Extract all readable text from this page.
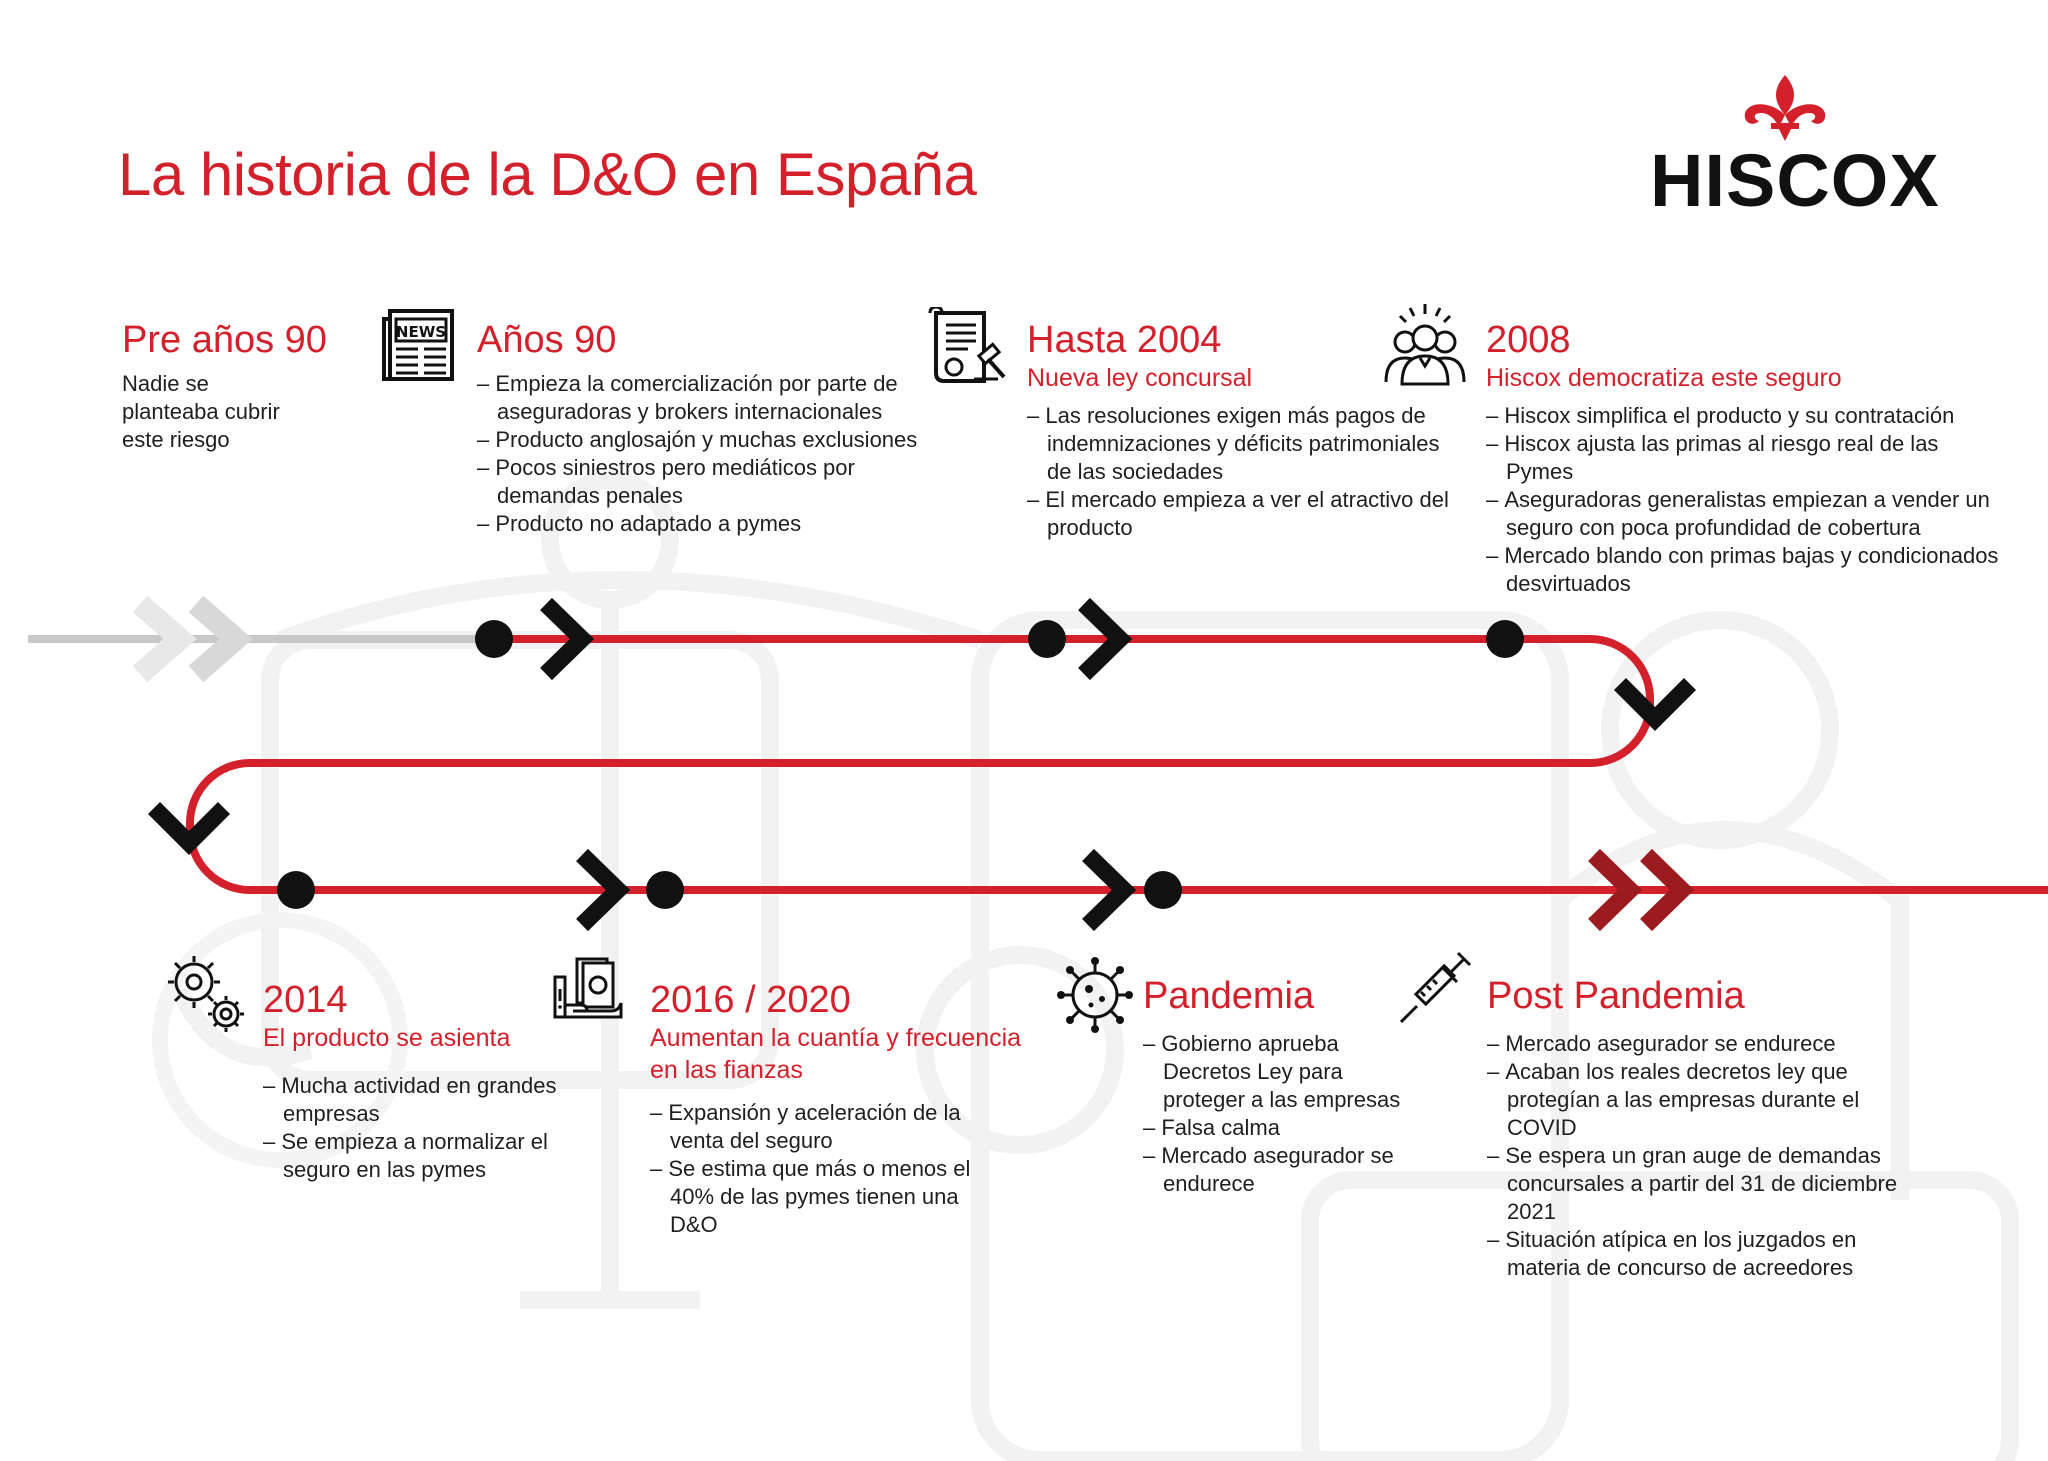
La historia de la D&O en España	HISCOX
Pre años 90
Nadie se planteaba cubrir este riesgo
NEWS Años 90
– Empieza la comercialización por parte de aseguradoras y brokers internacionales
– Producto anglosajón y muchas exclusiones
– Pocos siniestros pero mediáticos por demandas penales
– Producto no adaptado a pymes
Hasta 2004
Nueva ley concursal
– Las resoluciones exigen más pagos de indemnizaciones y déficits patrimoniales de las sociedades
– El mercado empieza a ver el atractivo del producto
2008
Hiscox democratiza este seguro
– Hiscox simplifica el producto y su contratación
– Hiscox ajusta las primas al riesgo real de las Pymes
– Aseguradoras generalistas empiezan a vender un seguro con poca profundidad de cobertura
– Mercado blando con primas bajas y condicionados desvirtuados
2014
El producto se asienta
– Mucha actividad en grandes empresas
– Se empieza a normalizar el seguro en las pymes
2016 / 2020
Aumentan la cuantía y frecuencia en las fianzas
– Expansión y aceleración de la venta del seguro
– Se estima que más o menos el 40% de las pymes tienen una D&O
Pandemia
– Gobierno aprueba Decretos Ley para proteger a las empresas
– Falsa calma
– Mercado asegurador se endurece
Post Pandemia
– Mercado asegurador se endurece
– Acaban los reales decretos ley que protegían a las empresas durante el COVID
– Se espera un gran auge de demandas concursales a partir del 31 de diciembre 2021
– Situación atípica en los juzgados en materia de concurso de acreedores
